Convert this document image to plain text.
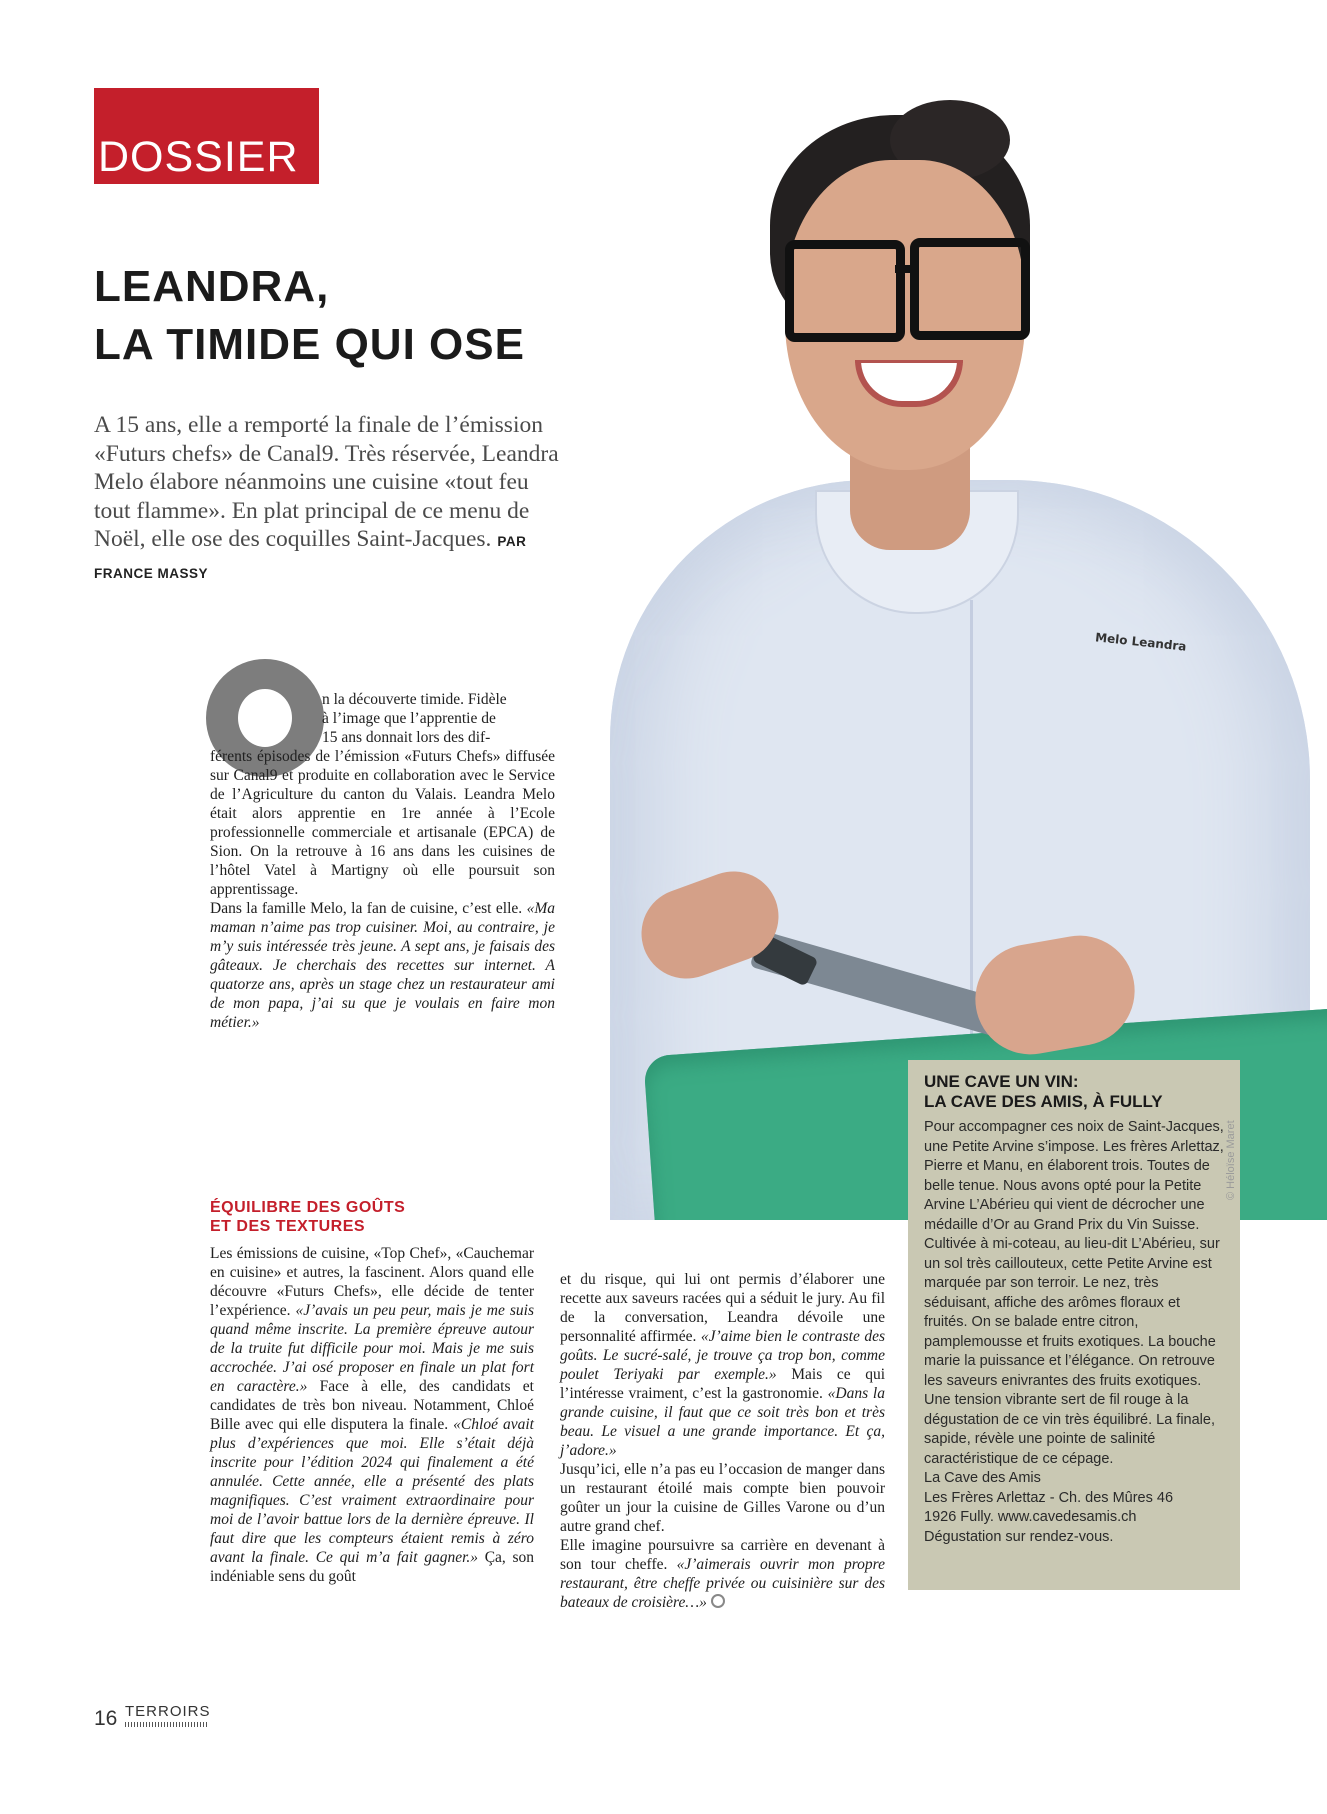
Melo Leandra
DOSSIER
LEANDRA,
LA TIMIDE QUI OSE

A 15 ans, elle a remporté la finale de l’émission «Futurs chefs» de Canal9. Très réservée, Leandra Melo élabore néanmoins une cuisine «tout feu tout flamme». En plat principal de ce menu de Noël, elle ose des coquilles Saint-Jacques. PAR FRANCE MASSY

n la découverte timide. Fidèle
à l’image que l’apprentie de
15 ans donnait lors des dif-
férents épisodes de l’émission «Futurs Chefs» diffusée sur Canal9 et produite en collaboration avec le Service de l’Agriculture du canton du Valais. Leandra Melo était alors apprentie en 1re année à l’Ecole professionnelle commerciale et artisanale (EPCA) de Sion. On la retrouve à 16 ans dans les cuisines de l’hôtel Vatel à Martigny où elle poursuit son apprentissage.

Dans la famille Melo, la fan de cuisine, c’est elle. «Ma maman n’aime pas trop cuisiner. Moi, au contraire, je m’y suis intéressée très jeune. A sept ans, je faisais des gâteaux. Je cherchais des recettes sur internet. A quatorze ans, après un stage chez un restaurateur ami de mon papa, j’ai su que je voulais en faire mon métier.»

ÉQUILIBRE DES GOÛTS
ET DES TEXTURES

Les émissions de cuisine, «Top Chef», «Cauchemar en cuisine» et autres, la fascinent. Alors quand elle découvre «Futurs Chefs», elle décide de tenter l’expérience. «J’avais un peu peur, mais je me suis quand même inscrite. La première épreuve autour de la truite fut difficile pour moi. Mais je me suis accrochée. J’ai osé proposer en finale un plat fort en caractère.» Face à elle, des candidats et candidates de très bon niveau. Notamment, Chloé Bille avec qui elle disputera la finale. «Chloé avait plus d’expériences que moi. Elle s’était déjà inscrite pour l’édition 2024 qui finalement a été annulée. Cette année, elle a présenté des plats magnifiques. C’est vraiment extraordinaire pour moi de l’avoir battue lors de la dernière épreuve. Il faut dire que les compteurs étaient remis à zéro avant la finale. Ce qui m’a fait gagner.» Ça, son indéniable sens du goût

et du risque, qui lui ont permis d’élaborer une recette aux saveurs racées qui a séduit le jury. Au fil de la conversation, Leandra dévoile une personnalité affirmée. «J’aime bien le contraste des goûts. Le sucré-salé, je trouve ça trop bon, comme poulet Teriyaki par exemple.» Mais ce qui l’intéresse vraiment, c’est la gastronomie. «Dans la grande cuisine, il faut que ce soit très bon et très beau. Le visuel a une grande importance. Et ça, j’adore.»

Jusqu’ici, elle n’a pas eu l’occasion de manger dans un restaurant étoilé mais compte bien pouvoir goûter un jour la cuisine de Gilles Varone ou d’un autre grand chef.

Elle imagine poursuivre sa carrière en devenant à son tour cheffe. «J’aimerais ouvrir mon propre restaurant, être cheffe privée ou cuisinière sur des bateaux de croisière…»

UNE CAVE UN VIN:
LA CAVE DES AMIS, À FULLY

Pour accompagner ces noix de Saint-Jacques, une Petite Arvine s’impose. Les frères Arlettaz, Pierre et Manu, en élaborent trois. Toutes de belle tenue. Nous avons opté pour la Petite Arvine L’Abérieu qui vient de décrocher une médaille d’Or au Grand Prix du Vin Suisse. Cultivée à mi-coteau, au lieu-dit L’Abérieu, sur un sol très caillouteux, cette Petite Arvine est marquée par son terroir. Le nez, très séduisant, affiche des arômes floraux et fruités. On se balade entre citron, pamplemousse et fruits exotiques. La bouche marie la puissance et l’élégance. On retrouve les saveurs enivrantes des fruits exotiques. Une tension vibrante sert de fil rouge à la dégustation de ce vin très équilibré. La finale, sapide, révèle une pointe de salinité caractéristique de ce cépage.

La Cave des Amis

Les Frères Arlettaz - Ch. des Mûres 46

1926 Fully. www.cavedesamis.ch

Dégustation sur rendez-vous.

© Héloïse Maret
16 TERROIRS
